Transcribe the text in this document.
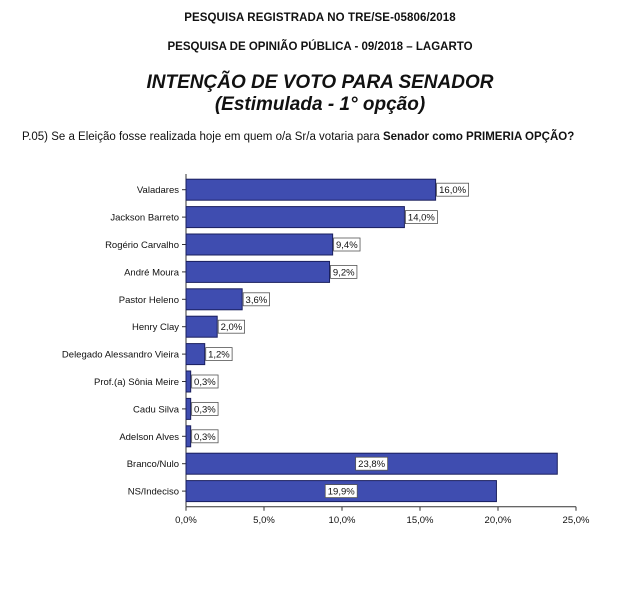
PESQUISA REGISTRADA NO TRE/SE-05806/2018
PESQUISA DE OPINIÃO PÚBLICA - 09/2018 – LAGARTO
INTENÇÃO DE VOTO PARA SENADOR
(Estimulada - 1° opção)
P.05) Se a Eleição fosse realizada hoje em quem o/a Sr/a votaria para Senador como PRIMERIA OPÇÃO?
0,0%	5,0%	10,0%	15,0%	20,0%	25,0%
Valadares	16,0%
Jackson Barreto	14,0%
Rogério Carvalho	9,4%
André Moura	9,2%
Pastor Heleno	3,6%
Henry Clay	2,0%
Delegado Alessandro Vieira	1,2%
Prof.(a) Sônia Meire 0,3%
Cadu Silva 0,3%
Adelson Alves 0,3%
Branco/Nulo	23,8%
NS/Indeciso	19,9%
